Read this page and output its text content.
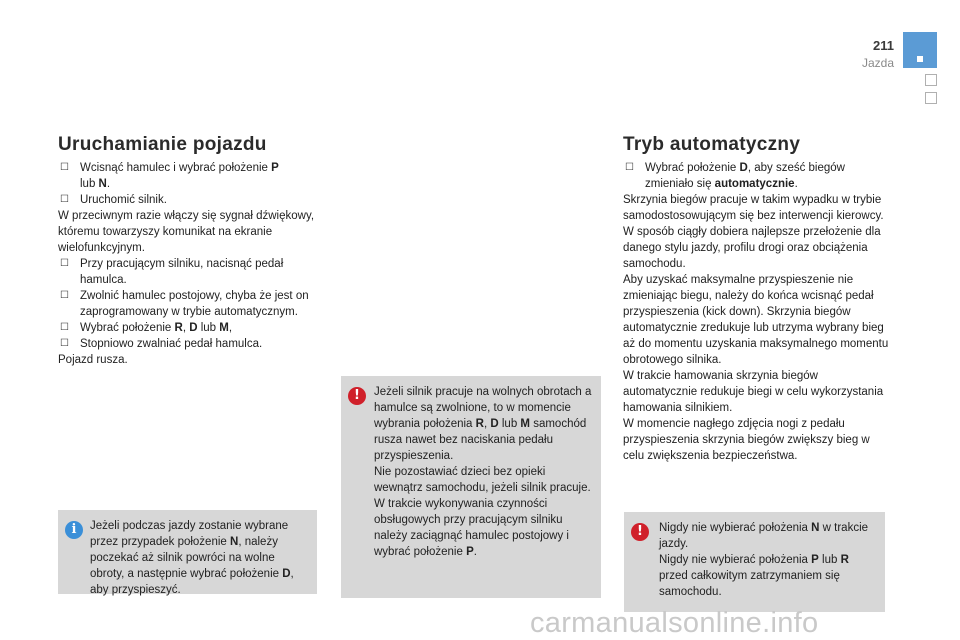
211
Jazda
Uruchamianie pojazdu
☐ Wcisnąć hamulec i wybrać położenie P
lub N.
☐ Uruchomić silnik.
W przeciwnym razie włączy się sygnał dźwiękowy, któremu towarzyszy komunikat na ekranie wielofunkcyjnym.
☐ Przy pracującym silniku, nacisnąć pedał hamulca.
☐ Zwolnić hamulec postojowy, chyba że jest on zaprogramowany w trybie automatycznym.
☐ Wybrać położenie R, D lub M,
☐ Stopniowo zwalniać pedał hamulca.
Pojazd rusza.
i	Jeżeli podczas jazdy zostanie wybrane przez przypadek położenie N, należy poczekać aż silnik powróci na wolne obroty, a następnie wybrać położenie D, aby przyspieszyć.
!	Jeżeli silnik pracuje na wolnych obrotach a hamulce są zwolnione, to w momencie wybrania położenia R, D lub M samochód rusza nawet bez naciskania pedału przyspieszenia.
Nie pozostawiać dzieci bez opieki wewnątrz samochodu, jeżeli silnik pracuje.
W trakcie wykonywania czynności obsługowych przy pracującym silniku należy zaciągnąć hamulec postojowy i wybrać położenie P.
Tryb automatyczny
☐ Wybrać położenie D, aby sześć biegów zmieniało się automatycznie.
Skrzynia biegów pracuje w takim wypadku w trybie samodostosowującym się bez interwencji kierowcy. W sposób ciągły dobiera najlepsze przełożenie dla danego stylu jazdy, profilu drogi oraz obciążenia samochodu.
Aby uzyskać maksymalne przyspieszenie nie zmieniając biegu, należy do końca wcisnąć pedał przyspieszenia (kick down). Skrzynia biegów automatycznie zredukuje lub utrzyma wybrany bieg aż do momentu uzyskania maksymalnego momentu obrotowego silnika.
W trakcie hamowania skrzynia biegów automatycznie redukuje biegi w celu wykorzystania hamowania silnikiem.
W momencie nagłego zdjęcia nogi z pedału przyspieszenia skrzynia biegów zwiększy bieg w celu zwiększenia bezpieczeństwa.
!	Nigdy nie wybierać położenia N w trakcie jazdy.
Nigdy nie wybierać położenia P lub R przed całkowitym zatrzymaniem się samochodu.
carmanualsonline.info
